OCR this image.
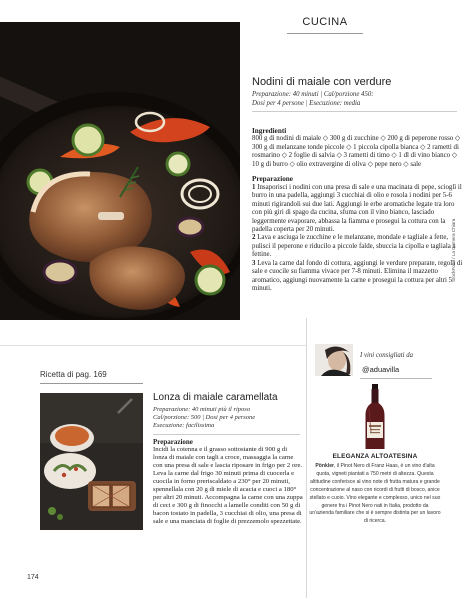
CUCINA
Nodini di maiale con verdure
Preparazione: 40 minuti | Cal/porzione 450:
Dosi per 4 persone | Esecuzione: media
Ingredienti

800 g di nodini di maiale ◇ 300 g di zucchine ◇ 200 g di peperone rosso ◇ 300 g di melanzane tonde piccole ◇ 1 piccola cipolla bianca ◇ 2 rametti di rosmarino ◇ 2 foglie di salvia ◇ 3 rametti di timo ◇ 1 dl di vino bianco ◇ 10 g di burro ◇ olio extravergine di oliva ◇ pepe nero ◇ sale

Preparazione

1 Insaporisci i nodini con una presa di sale e una macinata di pepe, scioglì il burro in una padella, aggiungi 3 cucchiai di olio e rosola i nodini per 5-6 minuti rigirandoli sui due lati. Aggiungi le erbe aromatiche legate tra loro con più giri di spago da cucina, sfuma con il vino bianco, lasciado leggermente evaporare, abbassa la fiamma e prosegui la cottura con la padella coperta per 20 minuti.

2 Lava e asciuga le zucchine e le melanzane, mondale e tagliale a fette, pulisci il peperone e riducilo a piccole falde, sbuccia la cipolla e tagliala a fettine.

3 Leva la carne dal fondo di cottura, aggiungi le verdure preparate, regola di sale e cuocile su fiamma vivace per 7-8 minuti. Elimina il mazzetto aromatico, aggiungi nuovamente la carne e prosegui la cottura per altri 5 minuti.

StockFood / La Camera Chiara
Ricetta di pag. 169
Lonza di maiale caramellata
Preparazione: 40 minuti più il riposo
Cal/porzione: 500 | Dosi per 4 persone
Esecuzione: facilissima
Preparazione

Incidi la cotenna e il grasso sottostante di 900 g di lonza di maiale con tagli a croce, massaggia la carne con una presa di sale e lascia riposare in frigo per 2 ore. Leva la carne dal frigo 30 minuti prima di cuocerla e cuocila in forno preriscaldato a 230° per 20 minuti, spennellala con 20 g di miele di acacia e cuoci a 180° per altri 20 minuti. Accompagna la carne con una zuppa di ceci e 300 g di finocchi a lamelle conditi con 50 g di bacon tostato in padella, 3 cucchiai di olio, una presa di sale e una manciata di foglie di prezzemolo spezzettate.

I vini consigliati da
@aduavilla
ELEGANZA ALTOATESINA
Pönkler, il Pinot Nero di Franz Haas, è un vino d'alta quota, vigneti piantati a 750 metri di altezza. Questa altitudine conferisce al vino note di frutta matura e grande concentrazione al naso con ricordi di frutti di bosco, anice stellato e cuoio. Vino elegante e complesso, unico nel suo genere fra i Pinot Nero nati in Italia, prodotto da un'azienda familiare che si è sempre distinta per un lavoro di ricerca.
174
